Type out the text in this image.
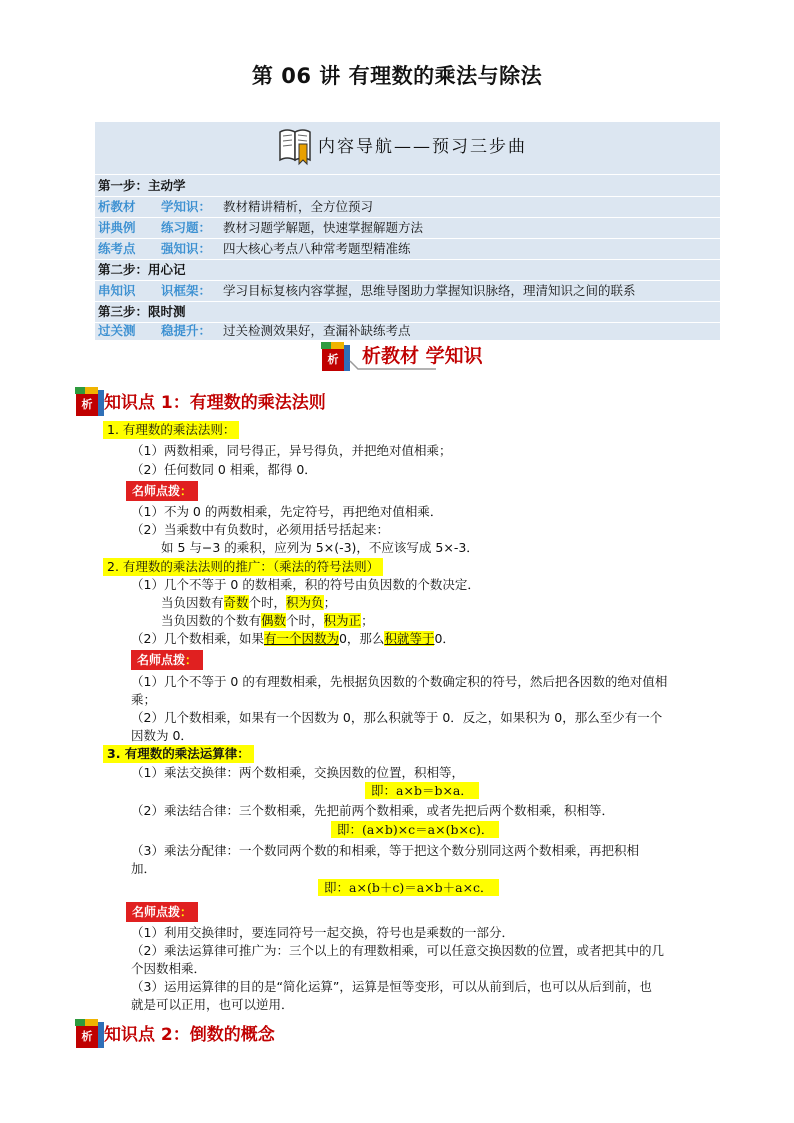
第 06 讲 有理数的乘法与除法
内容导航——预习三步曲
第一步：主动学
析教材 学知识： 教材精讲精析，全方位预习
讲典例 练习题： 教材习题学解题，快速掌握解题方法
练考点 强知识： 四大核心考点八种常考题型精准练
第二步：用心记
串知识 识框架： 学习目标复核内容掌握，思维导图助力掌握知识脉络，理清知识之间的联系
第三步：限时测
过关测 稳提升： 过关检测效果好，查漏补缺练考点
析 析教材 学知识
析 知识点 1：有理数的乘法法则
1. 有理数的乘法法则：
（1）两数相乘，同号得正，异号得负，并把绝对值相乘；
（2）任何数同 0 相乘，都得 0．
名师点拨：
（1）不为 0 的两数相乘，先定符号，再把绝对值相乘．
（2）当乘数中有负数时，必须用括号括起来：
如 5 与−3 的乘积，应列为 5×(-3)，不应该写成 5×-3．
2. 有理数的乘法法则的推广：（乘法的符号法则）
（1）几个不等于 0 的数相乘，积的符号由负因数的个数决定．
当负因数有奇数个时，积为负；
当负因数的个数有偶数个时，积为正；
（2）几个数相乘，如果有一个因数为0，那么积就等于0．
名师点拨：
（1）几个不等于 0 的有理数相乘，先根据负因数的个数确定积的符号，然后把各因数的绝对值相
乘；
（2）几个数相乘，如果有一个因数为 0，那么积就等于 0．反之，如果积为 0，那么至少有一个
因数为 0．
3. 有理数的乘法运算律：
（1）乘法交换律：两个数相乘，交换因数的位置，积相等，
即：a×b＝b×a．
（2）乘法结合律：三个数相乘，先把前两个数相乘，或者先把后两个数相乘，积相等．
即：(a×b)×c＝a×(b×c)．
（3）乘法分配律：一个数同两个数的和相乘，等于把这个数分别同这两个数相乘，再把积相
加．
即：a×(b＋c)＝a×b＋a×c．
名师点拨：
（1）利用交换律时，要连同符号一起交换，符号也是乘数的一部分．
（2）乘法运算律可推广为：三个以上的有理数相乘，可以任意交换因数的位置，或者把其中的几
个因数相乘．
（3）运用运算律的目的是“简化运算”，运算是恒等变形，可以从前到后，也可以从后到前，也
就是可以正用，也可以逆用．
析 知识点 2：倒数的概念
